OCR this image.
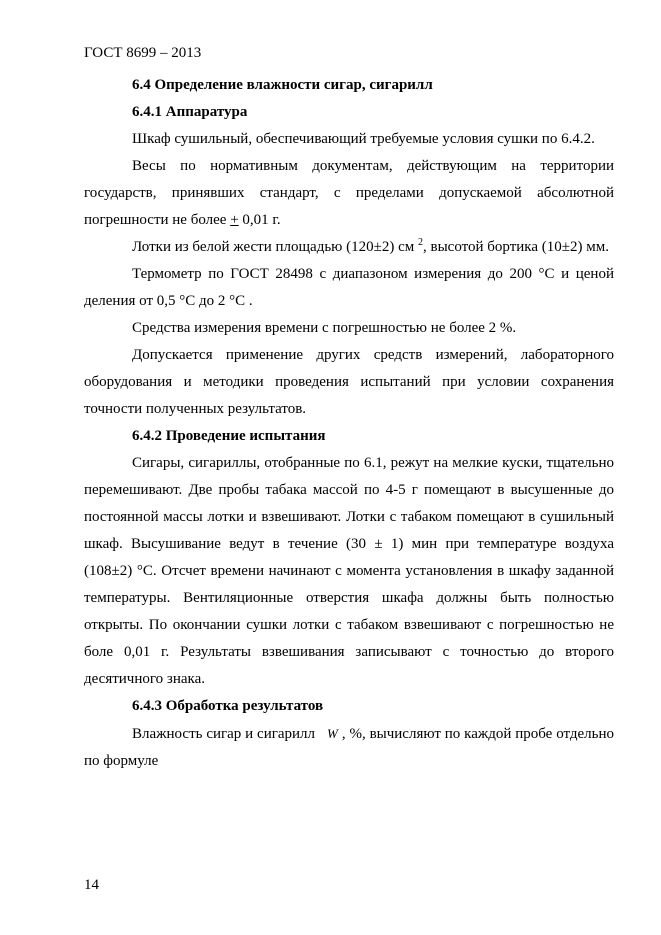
ГОСТ 8699 – 2013

6.4 Определение влажности сигар, сигарилл

6.4.1 Аппаратура

Шкаф сушильный, обеспечивающий требуемые условия сушки по 6.4.2.

Весы по нормативным документам, действующим на территории государств, принявших стандарт, с пределами допускаемой абсолютной погрешности не более + 0,01 г.

Лотки из белой жести площадью (120±2) см $^2$, высотой бортика (10±2) мм.

Термометр по ГОСТ 28498 с диапазоном измерения до 200 °С и ценой деления от 0,5 °С до 2 °С .

Средства измерения времени с погрешностью не более 2 %.

Допускается применение других средств измерений, лабораторного оборудования и методики проведения испытаний при условии сохранения точности полученных результатов.

6.4.2 Проведение испытания

Сигары, сигариллы, отобранные по 6.1, режут на мелкие куски, тщательно перемешивают. Две пробы табака массой по 4-5 г помещают в высушенные до постоянной массы лотки и взвешивают. Лотки с табаком помещают в сушильный шкаф. Высушивание ведут в течение (30 ± 1) мин при температуре воздуха (108±2) °С. Отсчет времени начинают с момента установления в шкафу заданной температуры. Вентиляционные отверстия шкафа должны быть полностью открыты. По окончании сушки лотки с табаком взвешивают с погрешностью не боле 0,01 г. Результаты взвешивания записывают с точностью до второго десятичного знака.

6.4.3 Обработка результатов

Влажность сигар и сигарилл W , %, вычисляют по каждой пробе отдельно по формуле

14
